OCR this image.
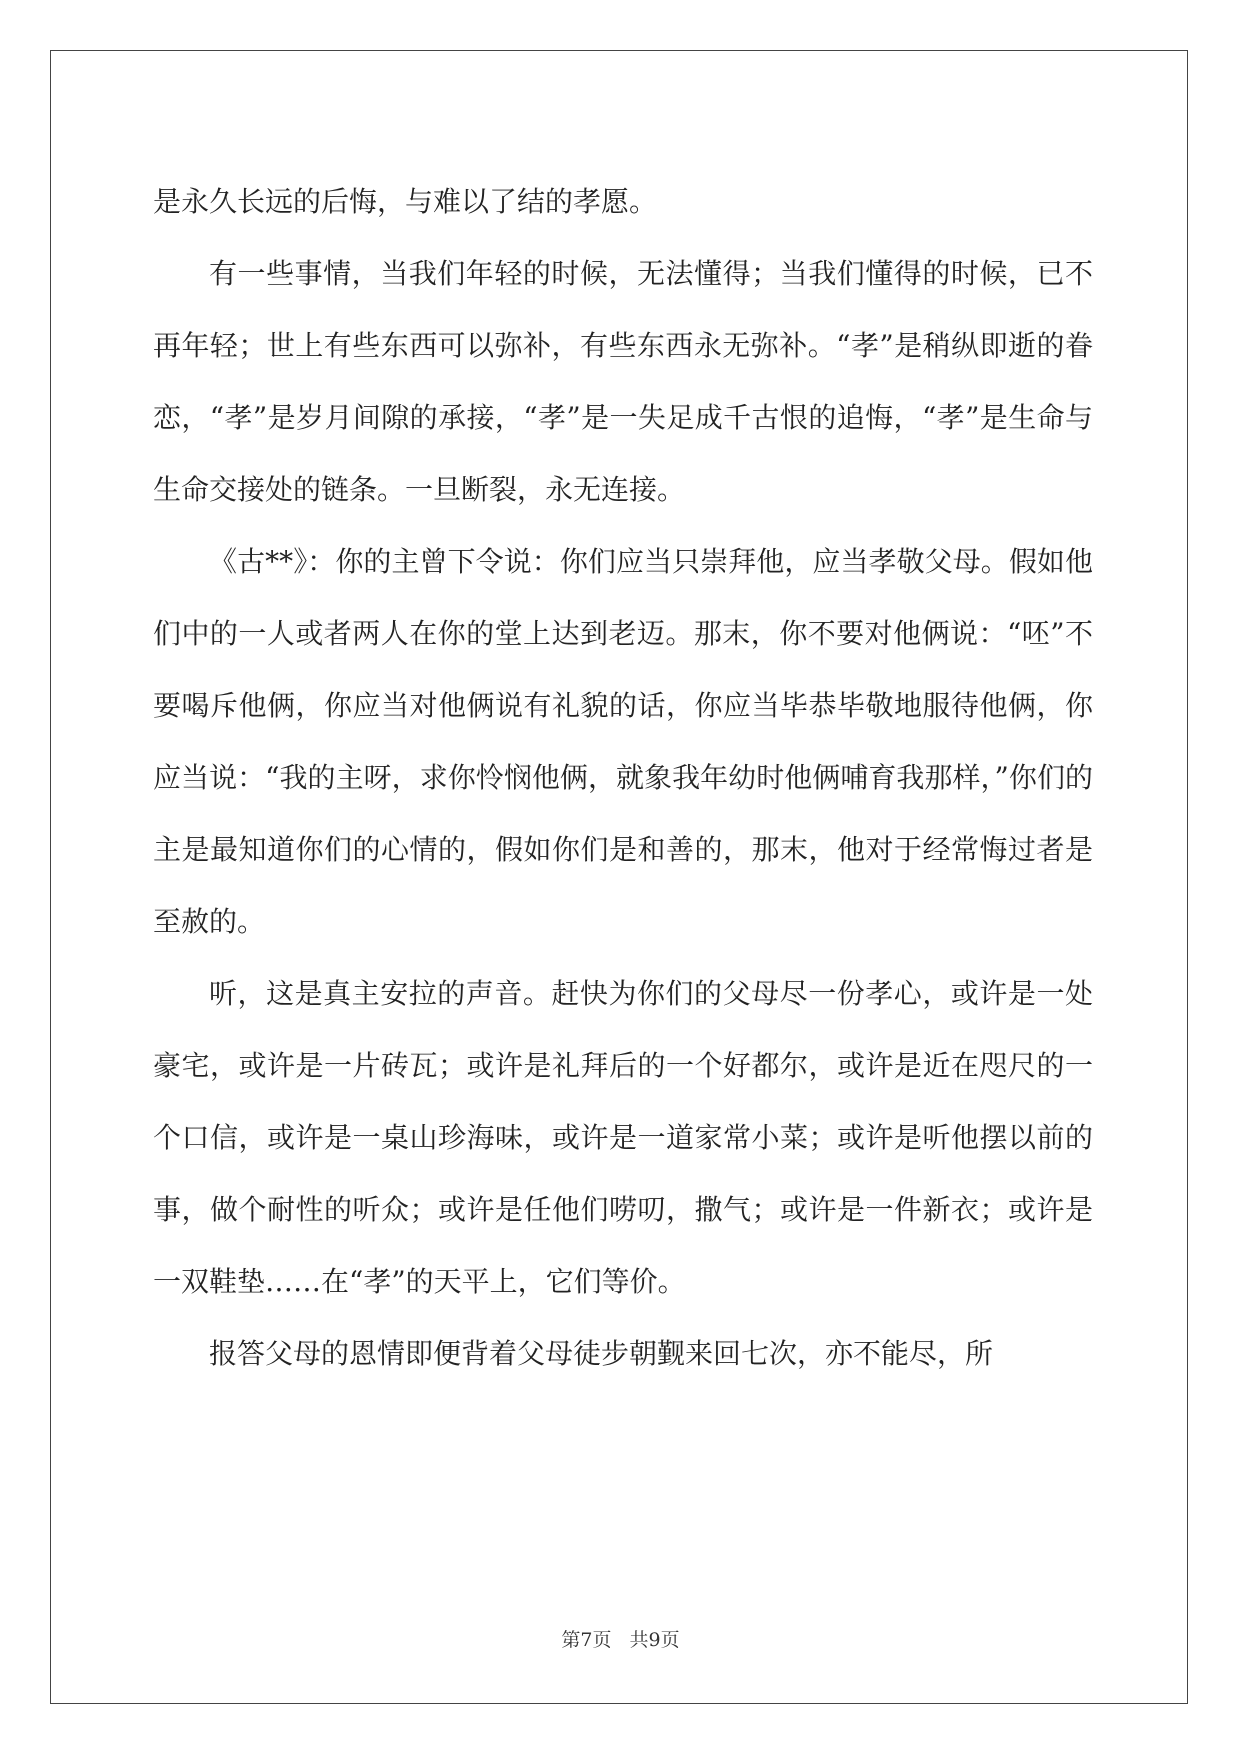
是永久长远的后悔，与难以了结的孝愿。

有一些事情，当我们年轻的时候，无法懂得；当我们懂得的时候，已不再年轻；世上有些东西可以弥补，有些东西永无弥补。“孝”是稍纵即逝的眷恋，“孝”是岁月间隙的承接，“孝”是一失足成千古恨的追悔，“孝”是生命与生命交接处的链条。一旦断裂，永无连接。

《古**》：你的主曾下令说：你们应当只崇拜他，应当孝敬父母。假如他们中的一人或者两人在你的堂上达到老迈。那末，你不要对他俩说：“呸”不要喝斥他俩，你应当对他俩说有礼貌的话，你应当毕恭毕敬地服待他俩，你应当说：“我的主呀，求你怜悯他俩，就象我年幼时他俩哺育我那样，”你们的主是最知道你们的心情的，假如你们是和善的，那末，他对于经常悔过者是至赦的。

听，这是真主安拉的声音。赶快为你们的父母尽一份孝心，或许是一处豪宅，或许是一片砖瓦；或许是礼拜后的一个好都尔，或许是近在咫尺的一个口信，或许是一桌山珍海味，或许是一道家常小菜；或许是听他摆以前的事，做个耐性的听众；或许是任他们唠叨，撒气；或许是一件新衣；或许是一双鞋垫……在“孝”的天平上，它们等价。

报答父母的恩情即便背着父母徒步朝觐来回七次，亦不能尽，所

第7页 共9页
